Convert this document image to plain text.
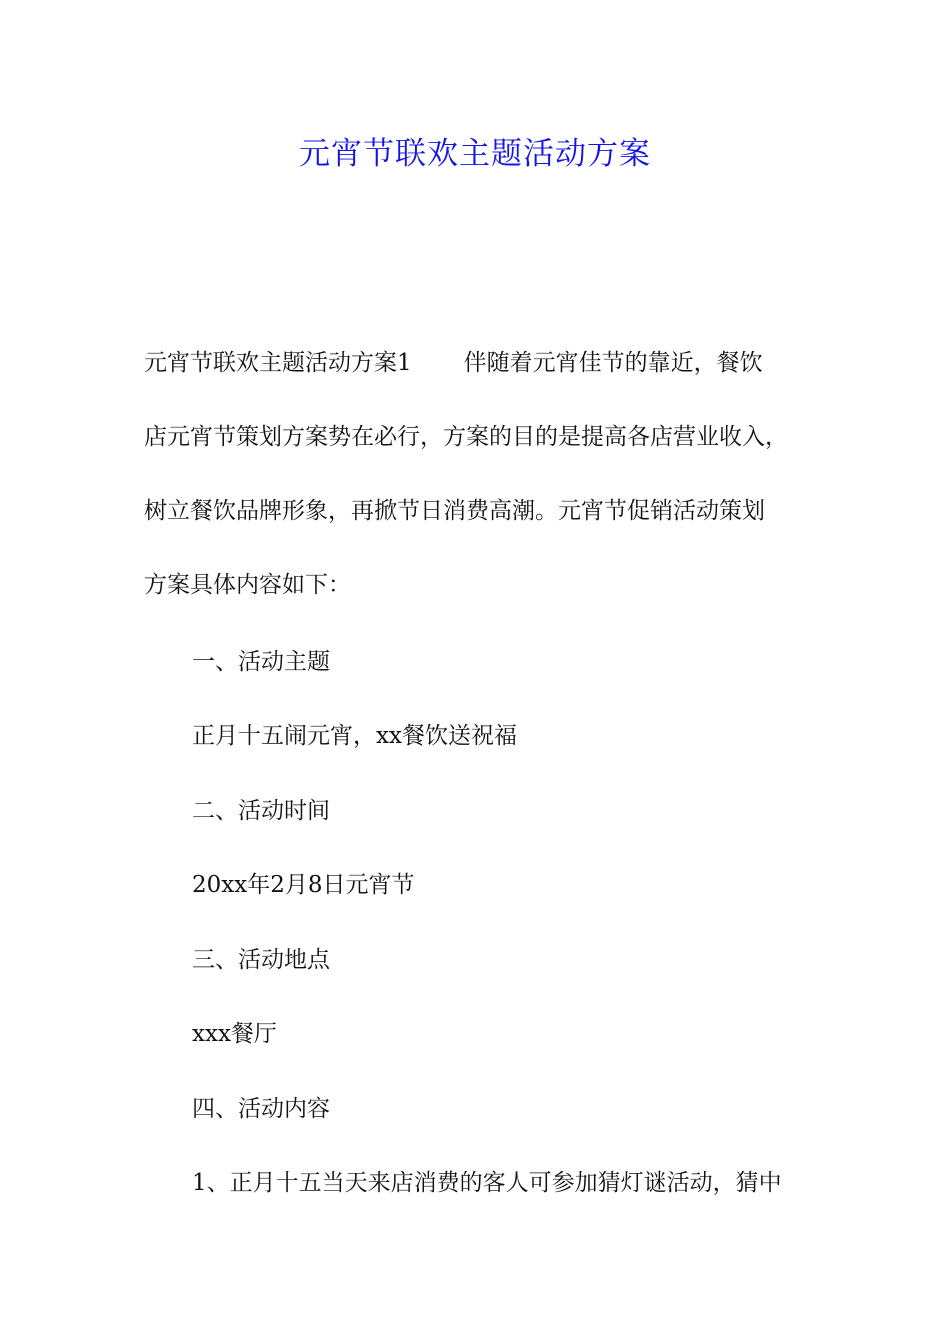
元宵节联欢主题活动方案
元宵节联欢主题活动方案1 伴随着元宵佳节的靠近，餐饮
店元宵节策划方案势在必行，方案的目的是提高各店营业收入，
树立餐饮品牌形象，再掀节日消费高潮。元宵节促销活动策划
方案具体内容如下：
一、活动主题
正月十五闹元宵，xx餐饮送祝福
二、活动时间
20xx年2月8日元宵节
三、活动地点
xxx餐厅
四、活动内容
1、正月十五当天来店消费的客人可参加猜灯谜活动，猜中
